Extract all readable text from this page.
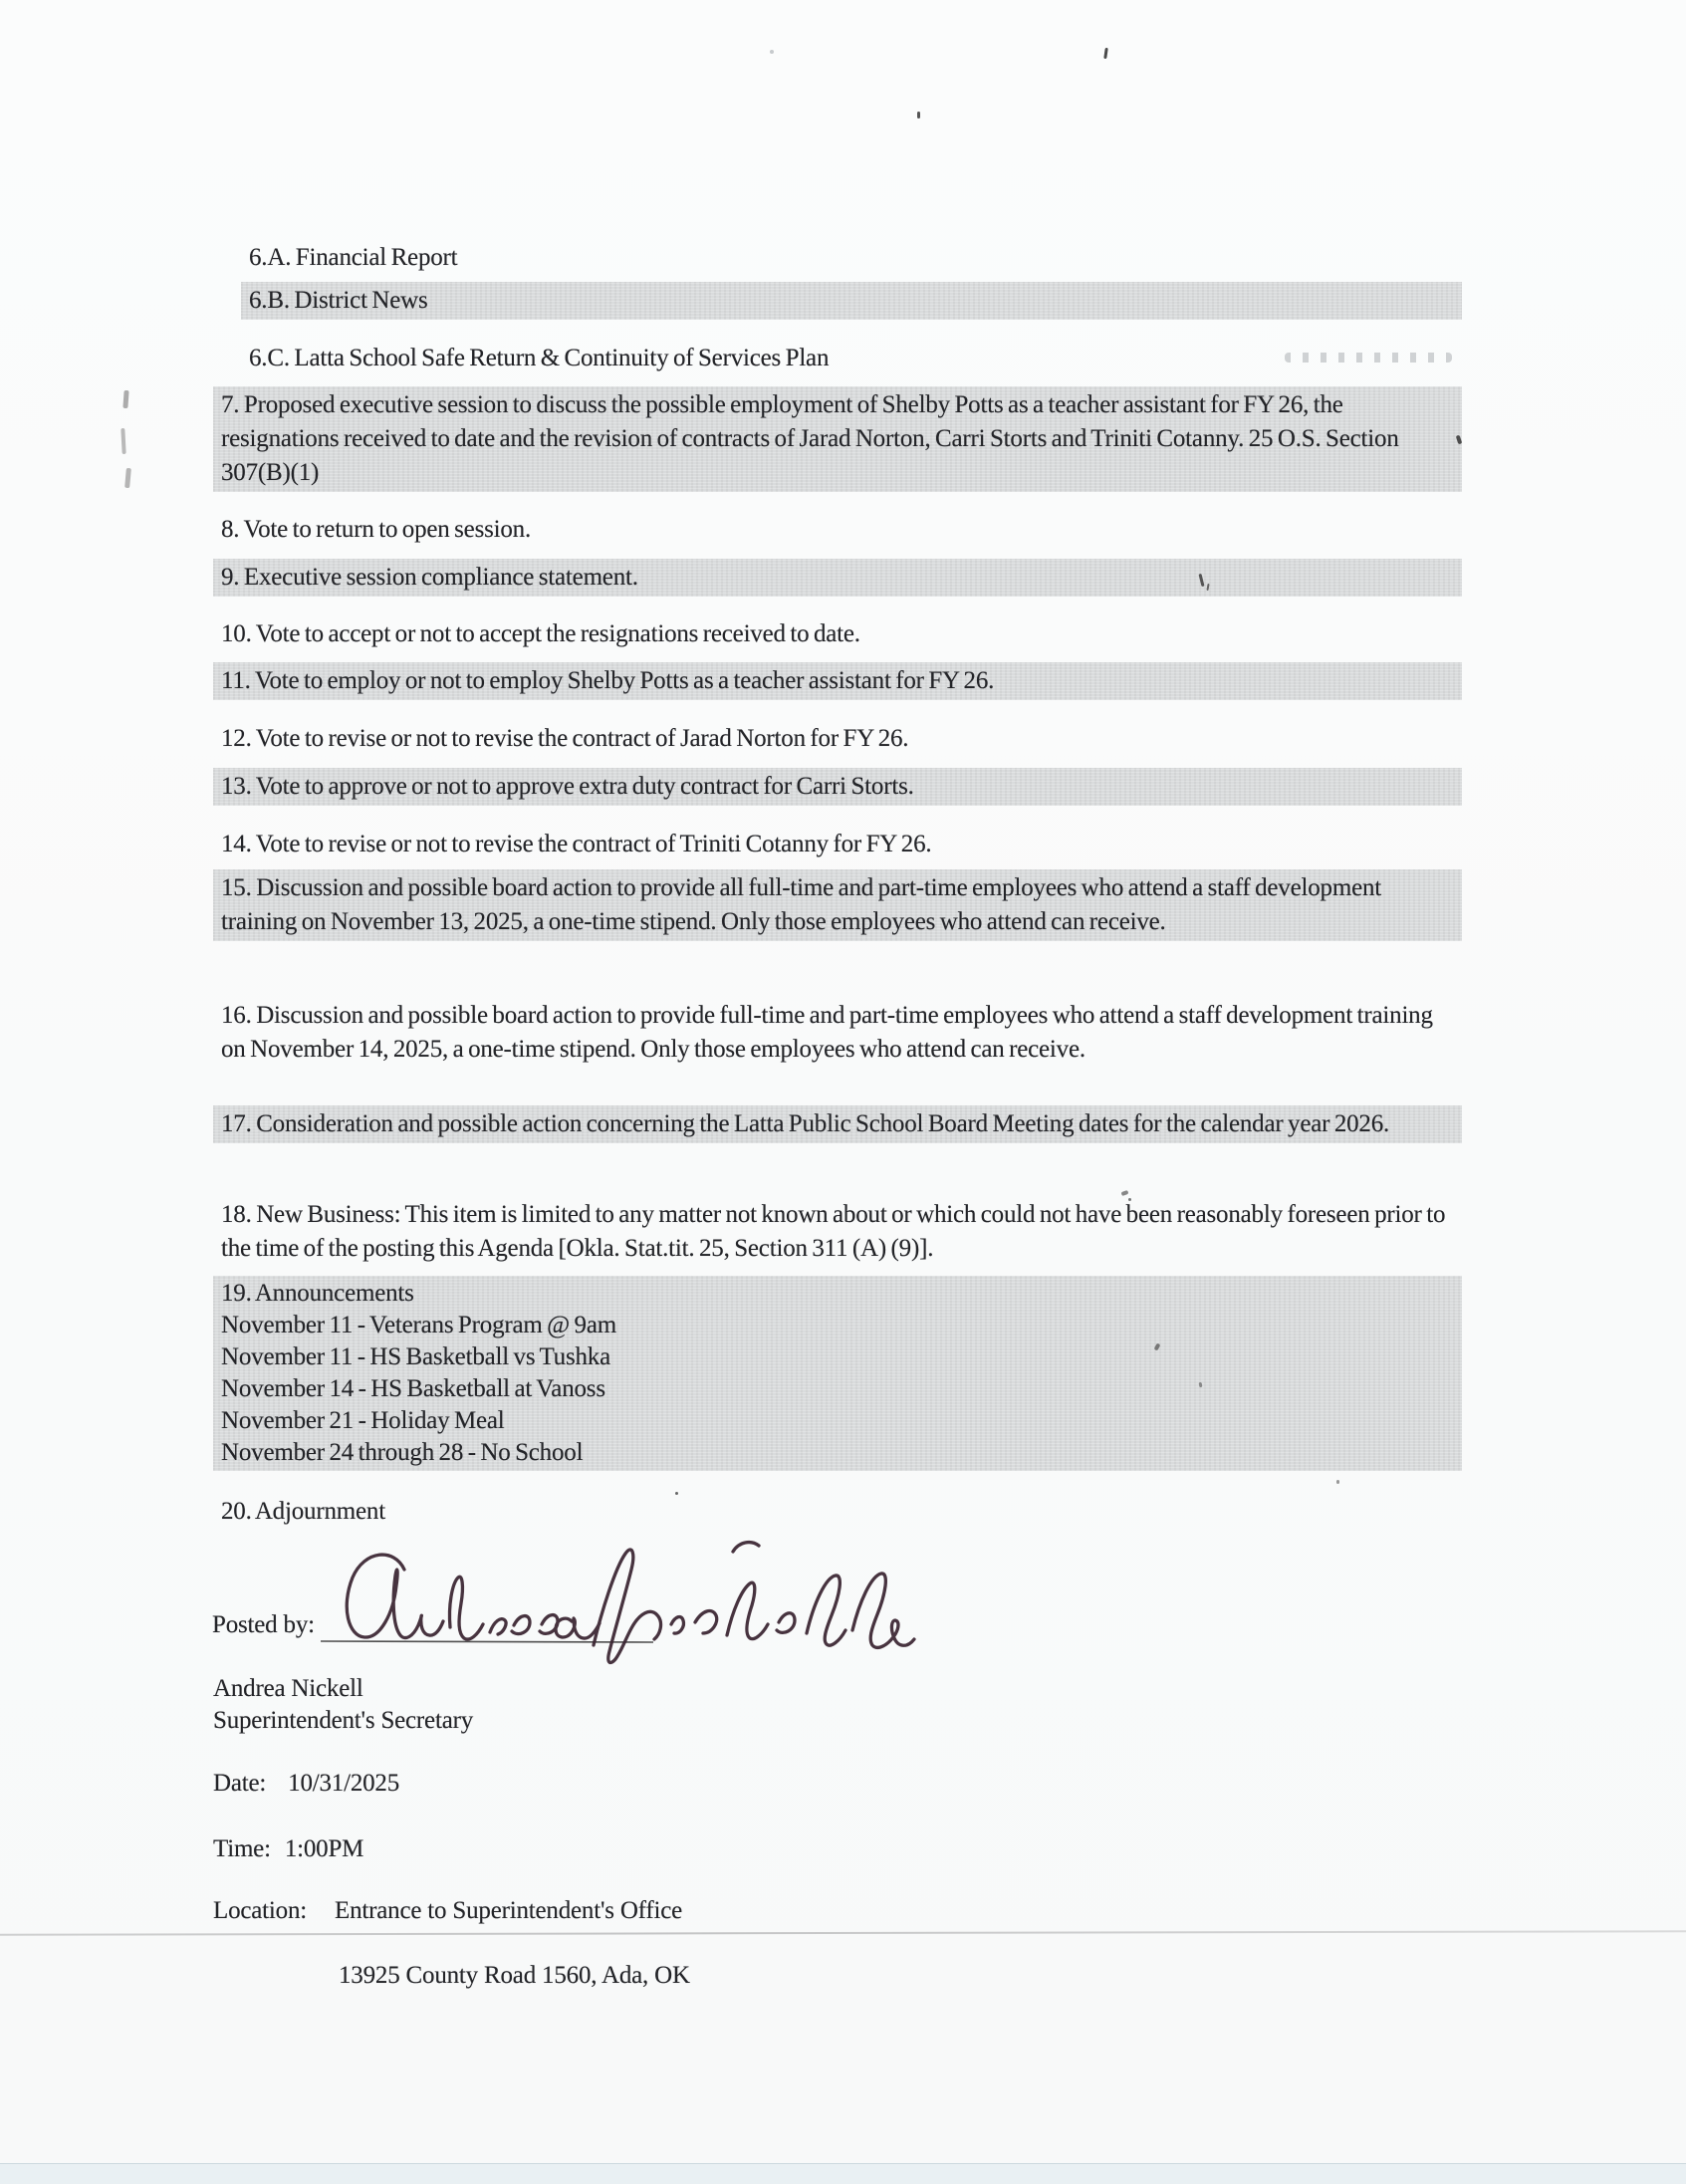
6.A. Financial Report
6.B. District News
6.C. Latta School Safe Return & Continuity of Services Plan
7. Proposed executive session to discuss the possible employment of Shelby Potts as a teacher assistant for FY 26, the resignations received to date and the revision of contracts of Jarad Norton, Carri Storts and Triniti Cotanny. 25 O.S. Section 307(B)(1)
8. Vote to return to open session.
9. Executive session compliance statement.
10. Vote to accept or not to accept the resignations received to date.
11. Vote to employ or not to employ Shelby Potts as a teacher assistant for FY 26.
12. Vote to revise or not to revise the contract of Jarad Norton for FY 26.
13. Vote to approve or not to approve extra duty contract for Carri Storts.
14. Vote to revise or not to revise the contract of Triniti Cotanny for FY 26.
15. Discussion and possible board action to provide all full-time and part-time employees who attend a staff development training on November 13, 2025, a one-time stipend. Only those employees who attend can receive.
16. Discussion and possible board action to provide full-time and part-time employees who attend a staff development training on November 14, 2025, a one-time stipend. Only those employees who attend can receive.
17. Consideration and possible action concerning the Latta Public School Board Meeting dates for the calendar year 2026.
18. New Business: This item is limited to any matter not known about or which could not have been reasonably foreseen prior to the time of the posting this Agenda [Okla. Stat.tit. 25, Section 311 (A) (9)].
19. Announcements
November 11 - Veterans Program @ 9am
November 11 - HS Basketball vs Tushka
November 14 - HS Basketball at Vanoss
November 21 - Holiday Meal
November 24 through 28 - No School
20. Adjournment
Posted by:
Andrea Nickell
Superintendent's Secretary
Date: 10/31/2025
Time: 1:00PM
Location: Entrance to Superintendent's Office
13925 County Road 1560, Ada, OK
